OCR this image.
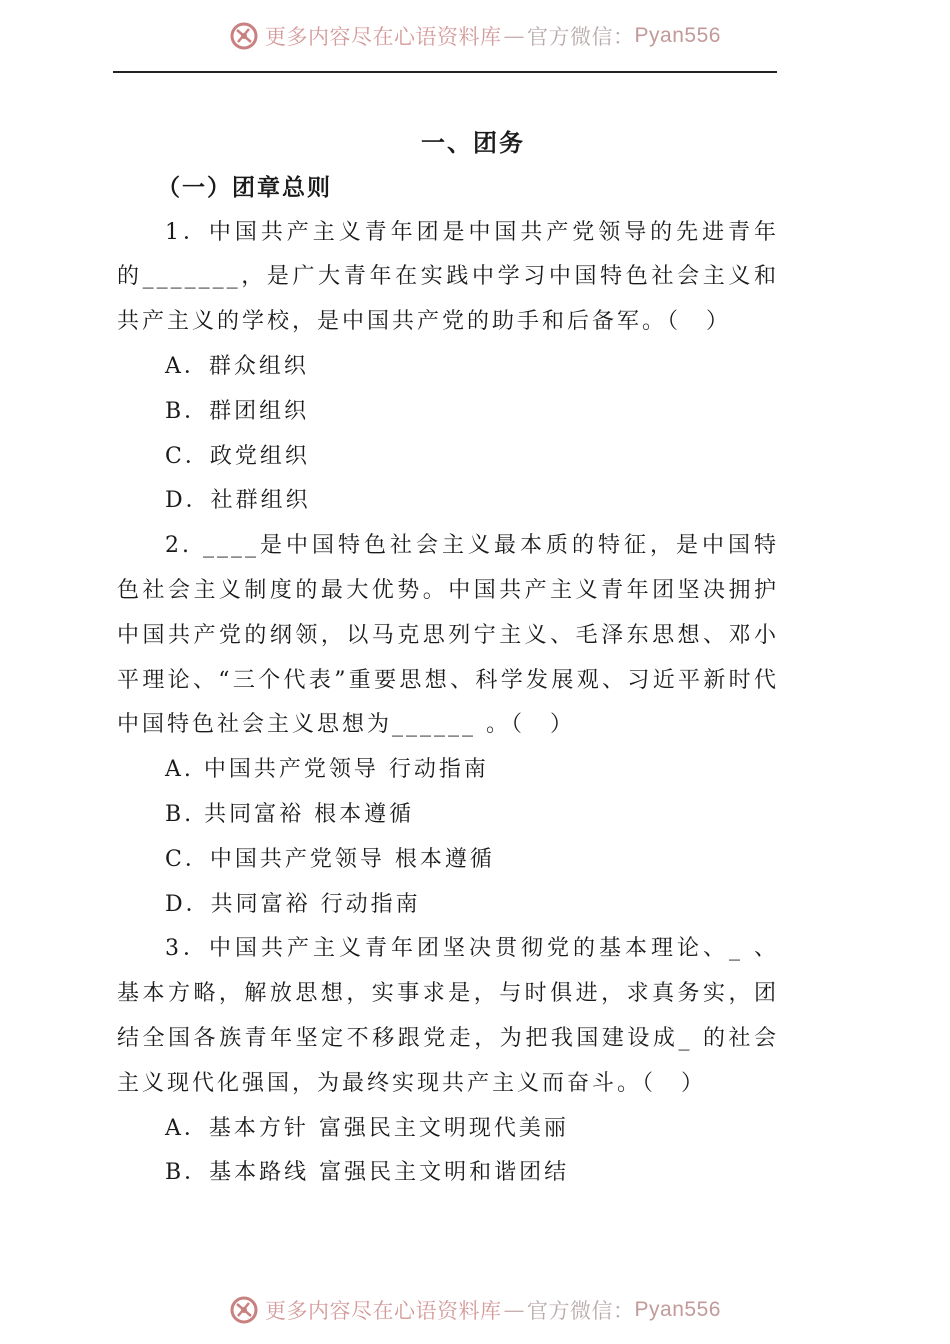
更多内容尽在心语资料库 — 官方微信： Pyan556
一、团务
（一）团章总则

1．中国共产主义青年团是中国共产党领导的先进青年的_______，是广大青年在实践中学习中国特色社会主义和共产主义的学校，是中国共产党的助手和后备军。（　）

A．群众组织

B．群团组织

C．政党组织

D．社群组织

2. ____是中国特色社会主义最本质的特征，是中国特色社会主义制度的最大优势。中国共产主义青年团坚决拥护中国共产党的纲领，以马克思列宁主义、毛泽东思想、邓小平理论、“三个代表”重要思想、科学发展观、习近平新时代中国特色社会主义思想为______ 。（　）

A. 中国共产党领导 行动指南

B. 共同富裕 根本遵循

C．中国共产党领导 根本遵循

D．共同富裕 行动指南

3．中国共产主义青年团坚决贯彻党的基本理论、_ 、基本方略，解放思想，实事求是，与时俱进，求真务实，团结全国各族青年坚定不移跟党走，为把我国建设成_ 的社会主义现代化强国，为最终实现共产主义而奋斗。（　）

A．基本方针 富强民主文明现代美丽

B．基本路线 富强民主文明和谐团结

更多内容尽在心语资料库 — 官方微信： Pyan556
